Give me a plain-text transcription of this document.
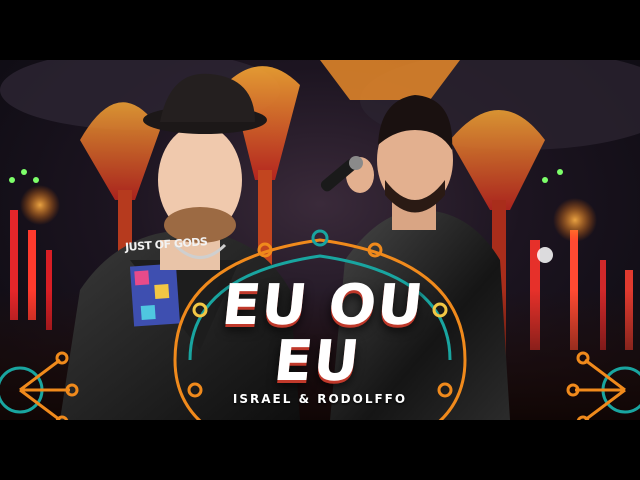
JUST OF GODS
EU OU EU
ISRAEL & RODOLFFO
